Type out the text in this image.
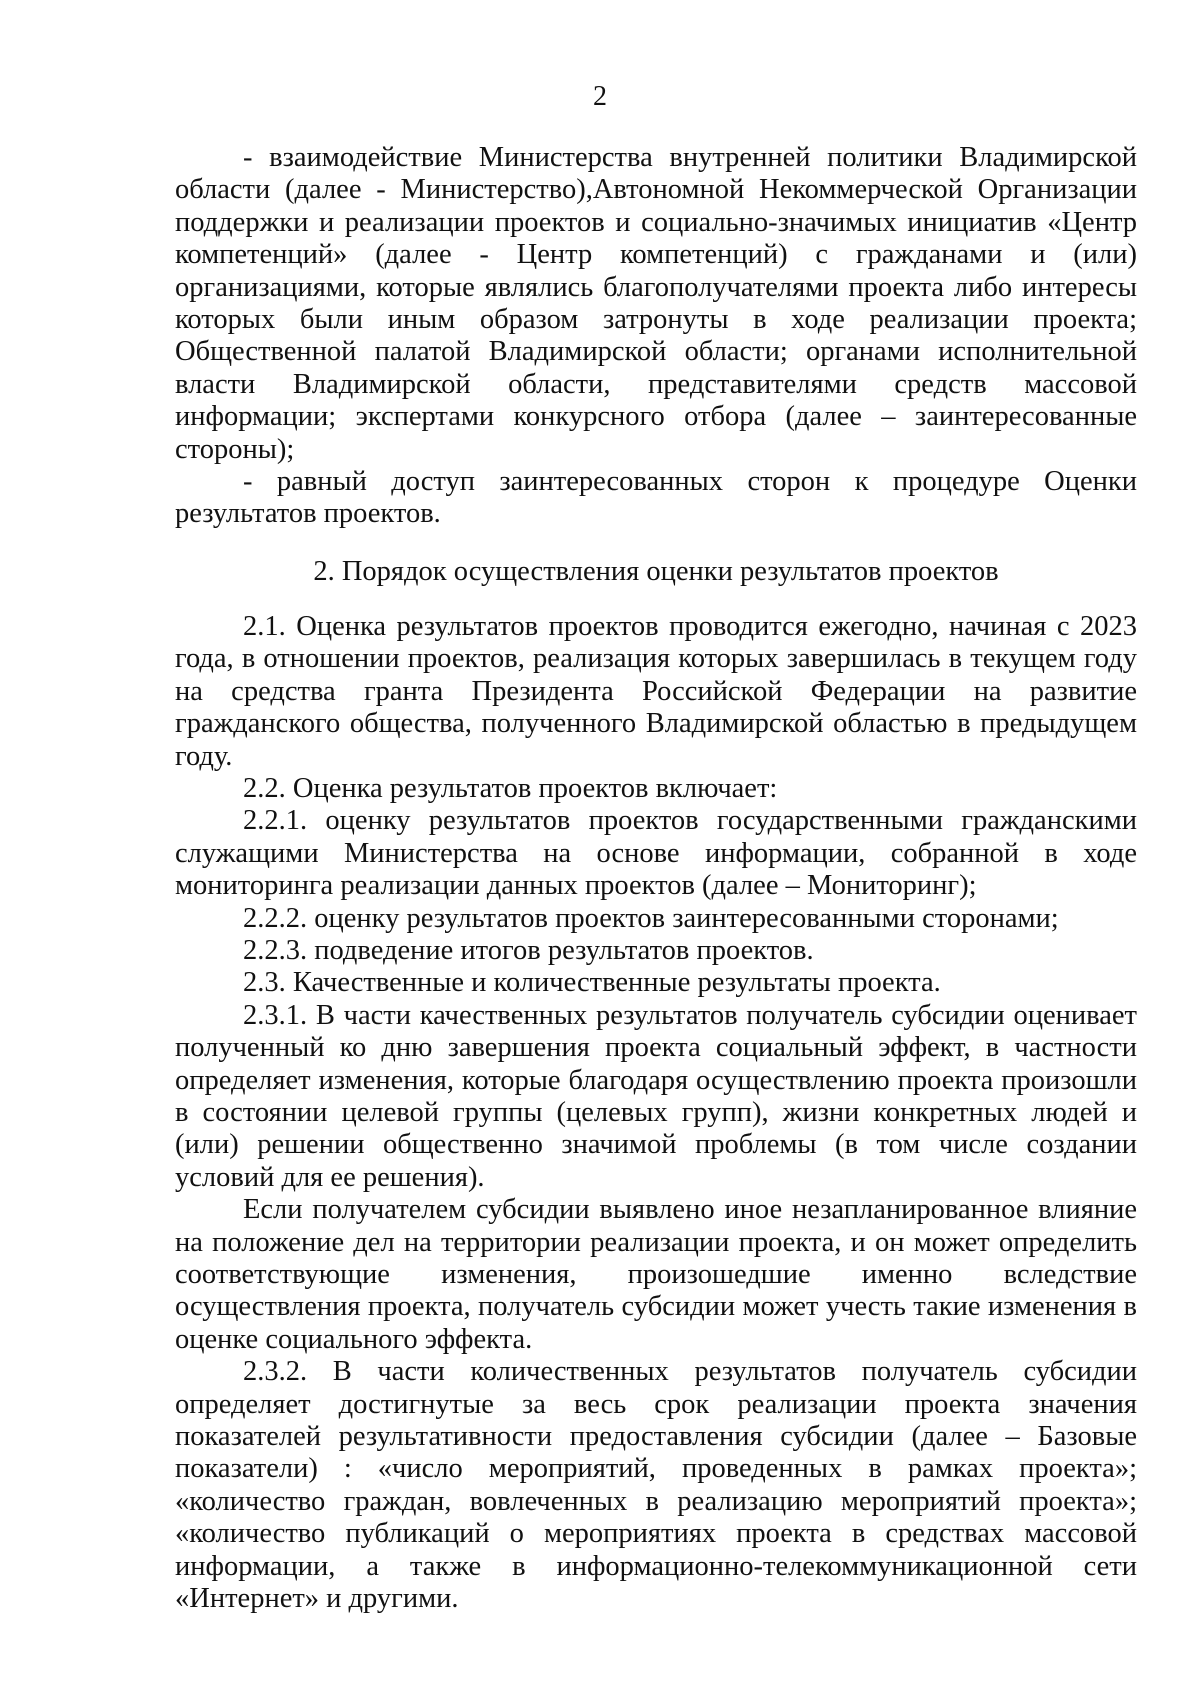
2

- взаимодействие Министерства внутренней политики Владимирской области (далее - Министерство),Автономной Некоммерческой Организации поддержки и реализации проектов и социально-значимых инициатив «Центр компетенций» (далее - Центр компетенций) с гражданами и (или) организациями, которые являлись благополучателями проекта либо интересы которых были иным образом затронуты в ходе реализации проекта; Общественной палатой Владимирской области; органами исполнительной власти Владимирской области, представителями средств массовой информации; экспертами конкурсного отбора (далее – заинтересованные стороны);

- равный доступ заинтересованных сторон к процедуре Оценки результатов проектов.

2. Порядок осуществления оценки результатов проектов

2.1. Оценка результатов проектов проводится ежегодно, начиная с 2023 года, в отношении проектов, реализация которых завершилась в текущем году на средства гранта Президента Российской Федерации на развитие гражданского общества, полученного Владимирской областью в предыдущем году.

2.2. Оценка результатов проектов включает:

2.2.1. оценку результатов проектов государственными гражданскими служащими Министерства на основе информации, собранной в ходе мониторинга реализации данных проектов (далее – Мониторинг);

2.2.2. оценку результатов проектов заинтересованными сторонами;

2.2.3. подведение итогов результатов проектов.

2.3. Качественные и количественные результаты проекта.

2.3.1. В части качественных результатов получатель субсидии оценивает полученный ко дню завершения проекта социальный эффект, в частности определяет изменения, которые благодаря осуществлению проекта произошли в состоянии целевой группы (целевых групп), жизни конкретных людей и (или) решении общественно значимой проблемы (в том числе создании условий для ее решения).

Если получателем субсидии выявлено иное незапланированное влияние на положение дел на территории реализации проекта, и он может определить соответствующие изменения, произошедшие именно вследствие осуществления проекта, получатель субсидии может учесть такие изменения в оценке социального эффекта.

2.3.2. В части количественных результатов получатель субсидии определяет достигнутые за весь срок реализации проекта значения показателей результативности предоставления субсидии (далее – Базовые показатели) : «число мероприятий, проведенных в рамках проекта»; «количество граждан, вовлеченных в реализацию мероприятий проекта»; «количество публикаций о мероприятиях проекта в средствах массовой информации, а также в информационно-телекоммуникационной сети «Интернет» и другими.
